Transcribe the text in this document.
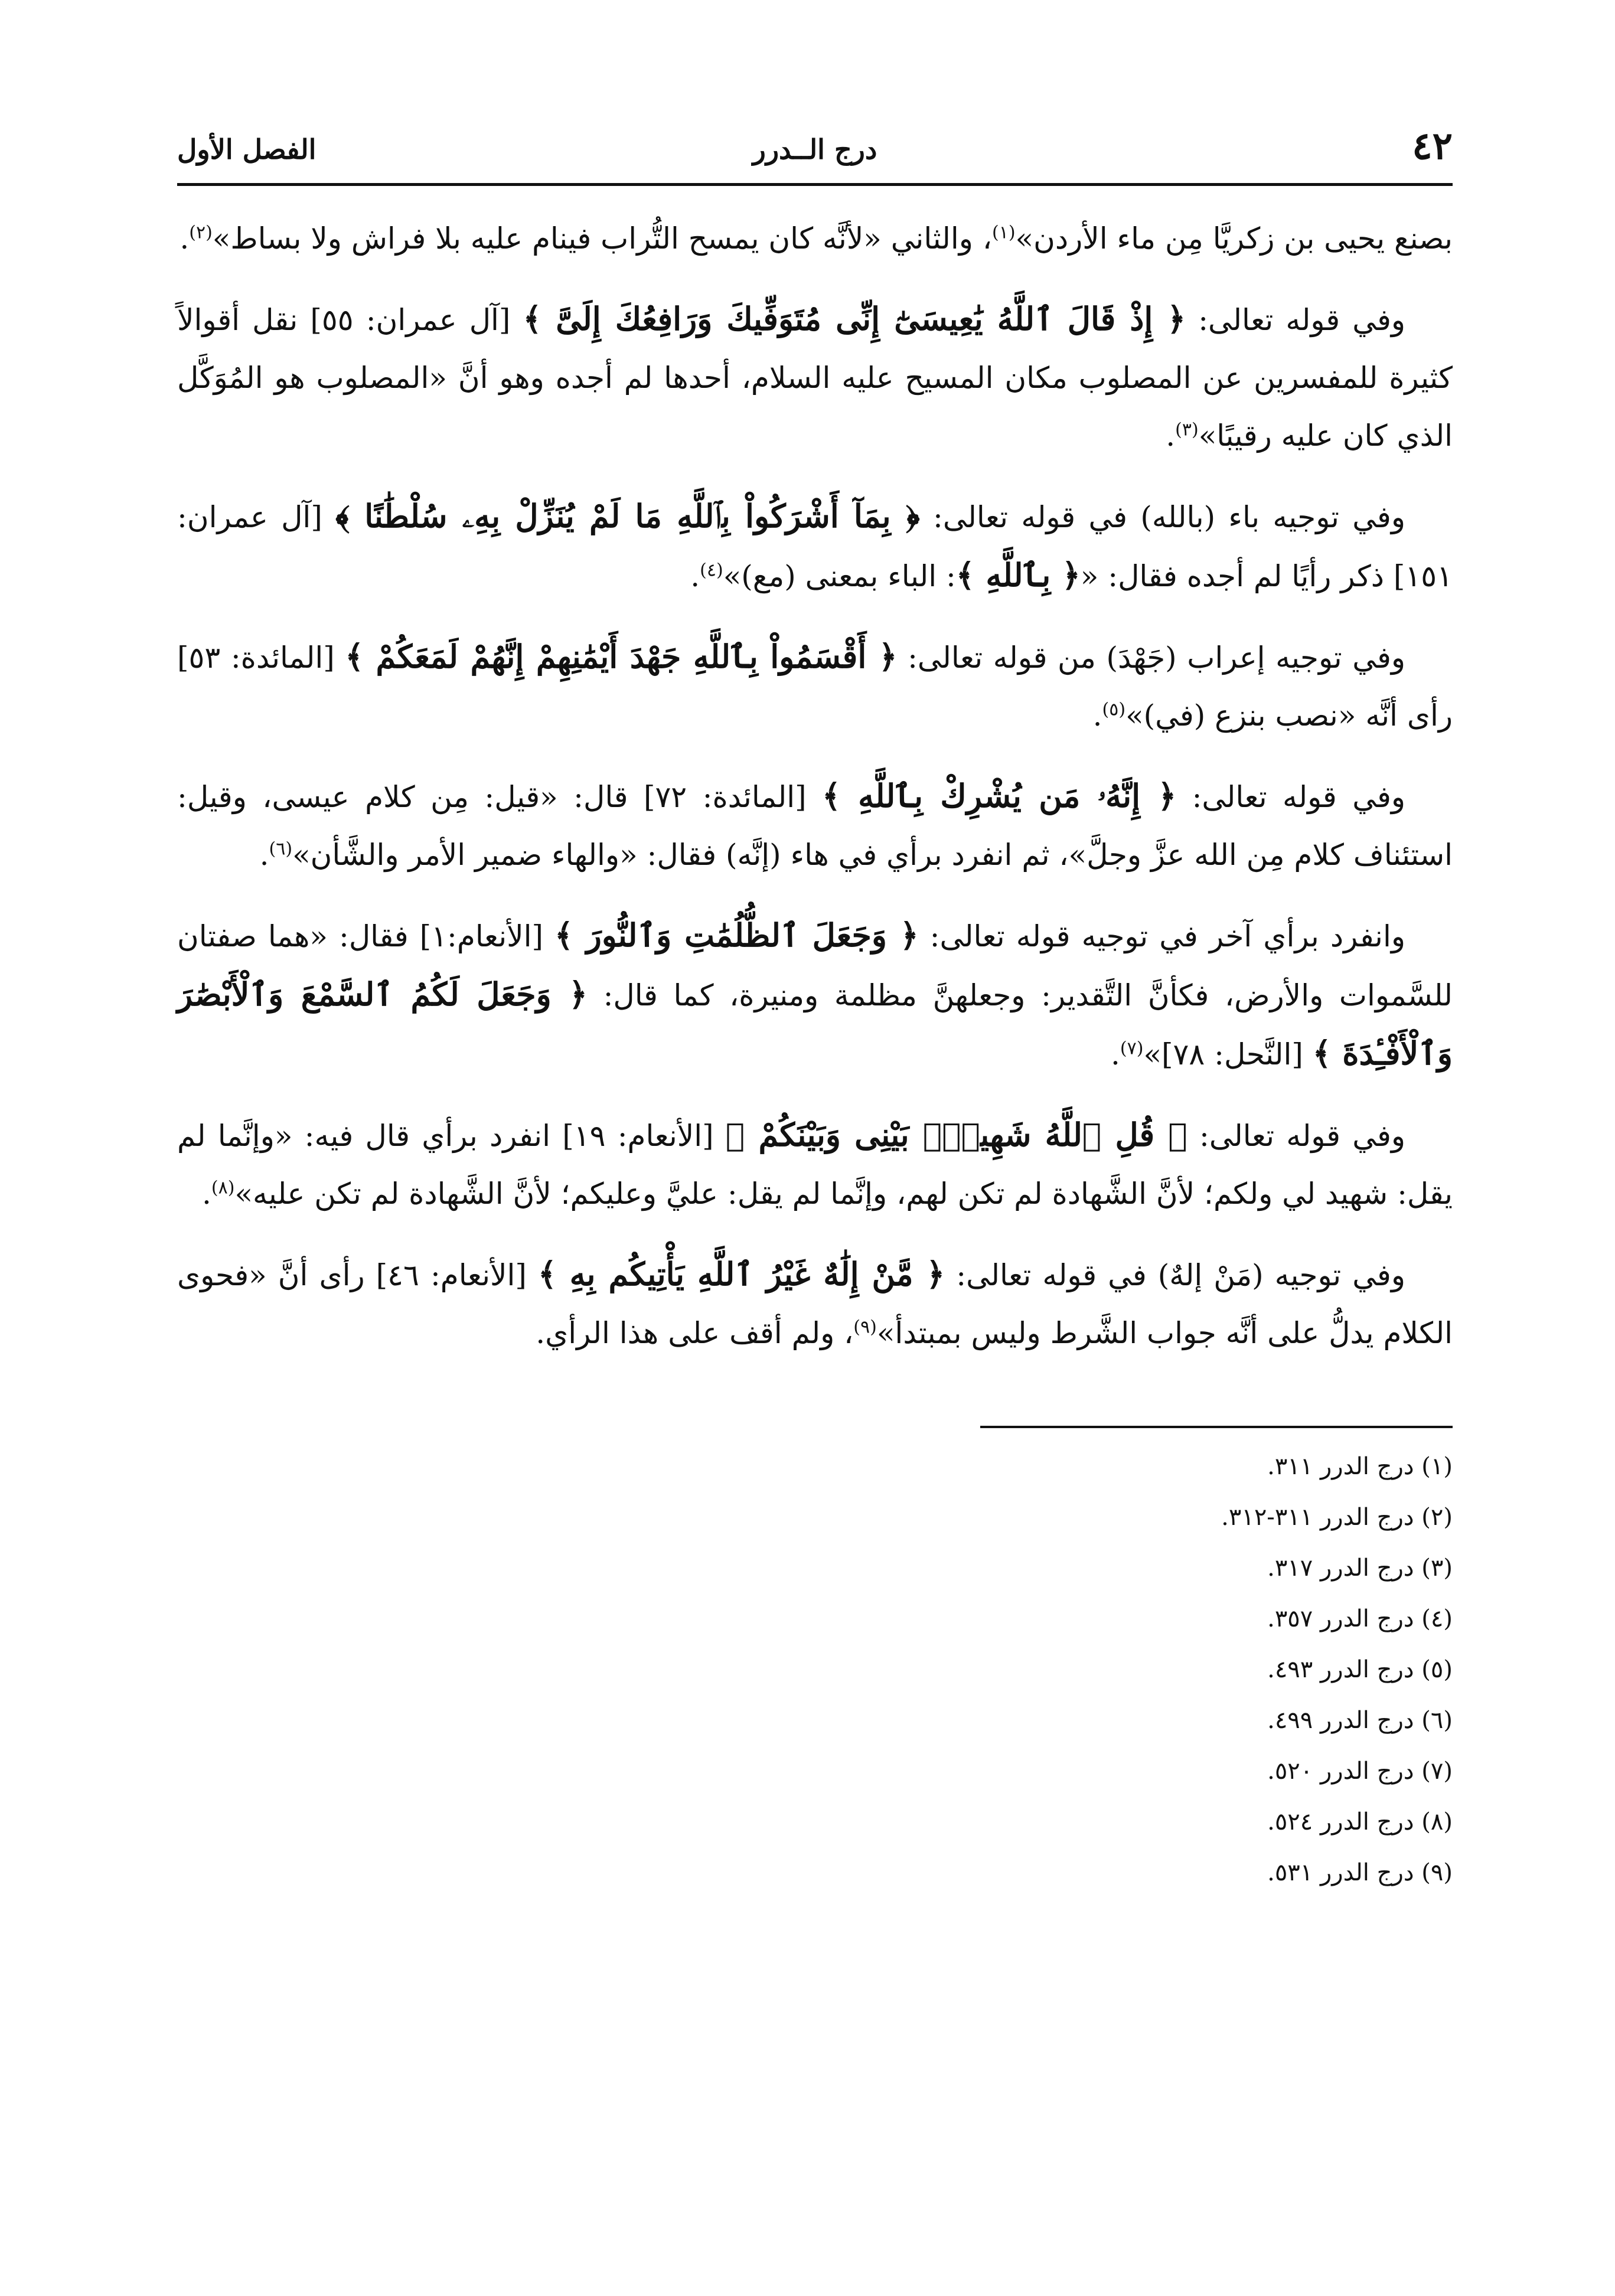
٤٢
درج الــدرر
الفصل الأول

بصنع يحيى بن زكريَّا مِن ماء الأردن»$^{(١)}$، والثاني «لأنَّه كان يمسح التُّراب فينام عليه بلا فراش ولا بساط»$^{(٢)}$.

وفي قوله تعالى: ﴿ إِذْ قَالَ ٱللَّهُ يَٰعِيسَىٰٓ إِنِّى مُتَوَفِّيكَ وَرَافِعُكَ إِلَىَّ ﴾ [آل عمران: ٥٥] نقل أقوالاً كثيرة للمفسرين عن المصلوب مكان المسيح عليه السلام، أحدها لم أجده وهو أنَّ «المصلوب هو المُوَكَّل الذي كان عليه رقيبًا»$^{(٣)}$.

وفي توجيه باء (بالله) في قوله تعالى: ﴿ بِمَآ أَشْرَكُواْ بِٱللَّهِ مَا لَمْ يُنَزِّلْ بِهِۦ سُلْطَٰنًا ﴾ [آل عمران: ١٥١] ذكر رأيًا لم أجده فقال: «﴿ بِٱللَّهِ ﴾: الباء بمعنى (مع)»$^{(٤)}$.

وفي توجيه إعراب (جَهْدَ) من قوله تعالى: ﴿ أَقْسَمُواْ بِٱللَّهِ جَهْدَ أَيْمَٰنِهِمْ إِنَّهُمْ لَمَعَكُمْ ﴾ [المائدة: ٥٣] رأى أنَّه «نصب بنزع (في)»$^{(٥)}$.

وفي قوله تعالى: ﴿ إِنَّهُۥ مَن يُشْرِكْ بِٱللَّهِ ﴾ [المائدة: ٧٢] قال: «قيل: مِن كلام عيسى، وقيل: استئناف كلام مِن الله عزَّ وجلَّ»، ثم انفرد برأي في هاء (إنَّه) فقال: «والهاء ضمير الأمر والشَّأن»$^{(٦)}$.

وانفرد برأي آخر في توجيه قوله تعالى: ﴿ وَجَعَلَ ٱلظُّلُمَٰتِ وَٱلنُّورَ ﴾ [الأنعام:١] فقال: «هما صفتان للسَّموات والأرض، فكأنَّ التَّقدير: وجعلهنَّ مظلمة ومنيرة، كما قال: ﴿ وَجَعَلَ لَكُمُ ٱلسَّمْعَ وَٱلْأَبْصَٰرَ وَٱلْأَفْـِٔدَةَ ﴾ [النَّحل: ٧٨]»$^{(٧)}$.

وفي قوله تعالى: ﴿ قُلِ ٱللَّهُ شَهِيدٌۢ بَيْنِى وَبَيْنَكُمْ ﴾ [الأنعام: ١٩] انفرد برأي قال فيه: «وإنَّما لم يقل: شهيد لي ولكم؛ لأنَّ الشَّهادة لم تكن لهم، وإنَّما لم يقل: عليَّ وعليكم؛ لأنَّ الشَّهادة لم تكن عليه»$^{(٨)}$.

وفي توجيه (مَنْ إلهٌ) في قوله تعالى: ﴿ مَّنْ إِلَٰهٌ غَيْرُ ٱللَّهِ يَأْتِيكُم بِهِ ﴾ [الأنعام: ٤٦] رأى أنَّ «فحوى الكلام يدلُّ على أنَّه جواب الشَّرط وليس بمبتدأ»$^{(٩)}$، ولم أقف على هذا الرأي.

(١) درج الدرر ٣١١.
(٢) درج الدرر ٣١١-٣١٢.
(٣) درج الدرر ٣١٧.
(٤) درج الدرر ٣٥٧.
(٥) درج الدرر ٤٩٣.
(٦) درج الدرر ٤٩٩.
(٧) درج الدرر ٥٢٠.
(٨) درج الدرر ٥٢٤.
(٩) درج الدرر ٥٣١.
